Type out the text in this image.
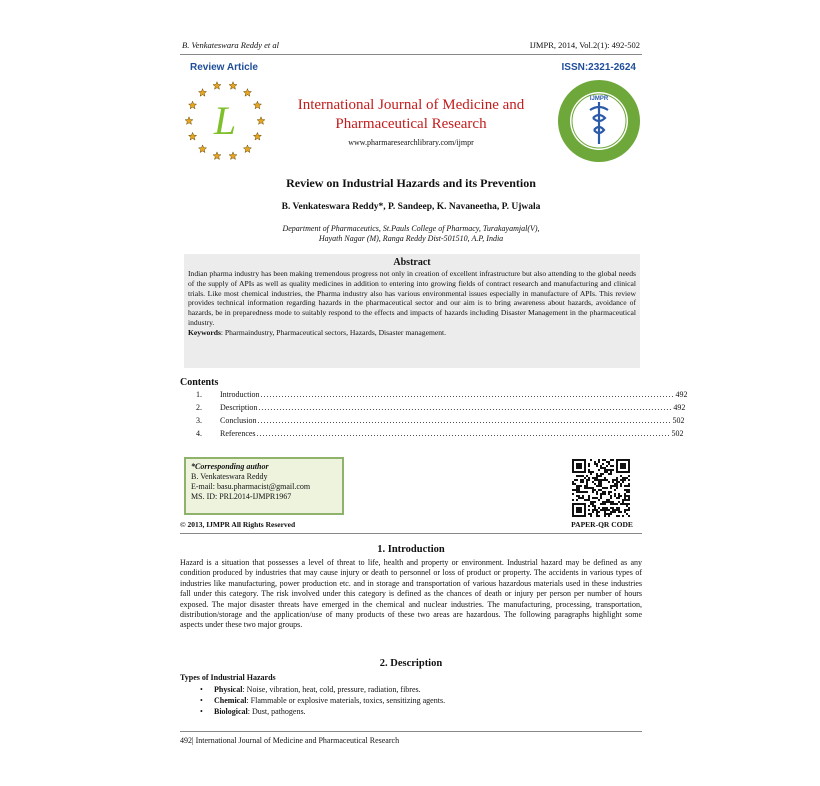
B. Venkateswara Reddy et al	IJMPR, 2014, Vol.2(1): 492-502
Review Article	ISSN:2321-2624
L	International Journal of Medicine and
Pharmaceutical Research
www.pharmaresearchlibrary.com/ijmpr
IJMPR
Review on Industrial Hazards and its Prevention
B. Venkateswara Reddy*, P. Sandeep, K. Navaneetha, P. Ujwala
Department of Pharmaceutics, St.Pauls College of Pharmacy, Turakayamjal(V),
Hayath Nagar (M), Ranga Reddy Dist-501510, A.P, India
Abstract
Indian pharma industry has been making tremendous progress not only in creation of excellent infrastructure but also attending to the global needs of the supply of APIs as well as quality medicines in addition to entering into growing fields of contract research and manufacturing and clinical trials. Like most chemical industries, the Pharma industry also has various environmental issues especially in manufacture of APIs. This review provides technical information regarding hazards in the pharmaceutical sector and our aim is to bring awareness about hazards, avoidance of hazards, be in preparedness mode to suitably respond to the effects and impacts of hazards including Disaster Management in the pharmaceutical industry.
Keywords: Pharmaindustry, Pharmaceutical sectors, Hazards, Disaster management.
Contents
1.	Introduction .......................................................................................................................................... 492
2.	Description .......................................................................................................................................... 492
3.	Conclusion .......................................................................................................................................... 502
4.	References .......................................................................................................................................... 502
*Corresponding author
B. Venkateswara Reddy
E-mail: basu.pharmacist@gmail.com
MS. ID: PRL2014-IJMPR1967
PAPER-QR CODE
© 2013, IJMPR All Rights Reserved
1. Introduction
Hazard is a situation that possesses a level of threat to life, health and property or environment. Industrial hazard may be defined as any condition produced by industries that may cause injury or death to personnel or loss of product or property. The accidents in various types of industries like manufacturing, power production etc. and in storage and transportation of various hazardous materials used in these industries fall under this category. The risk involved under this category is defined as the chances of death or injury per person per number of hours exposed. The major disaster threats have emerged in the chemical and nuclear industries. The manufacturing, processing, transportation, distribution/storage and the application/use of many products of these two areas are hazardous. The following paragraphs highlight some aspects under these two major groups.
2. Description
Types of Industrial Hazards
•	Physical : Noise, vibration, heat, cold, pressure, radiation, fibres.
•	Chemical : Flammable or explosive materials, toxics, sensitizing agents.
•	Biological : Dust, pathogens.
492| International Journal of Medicine and Pharmaceutical Research
